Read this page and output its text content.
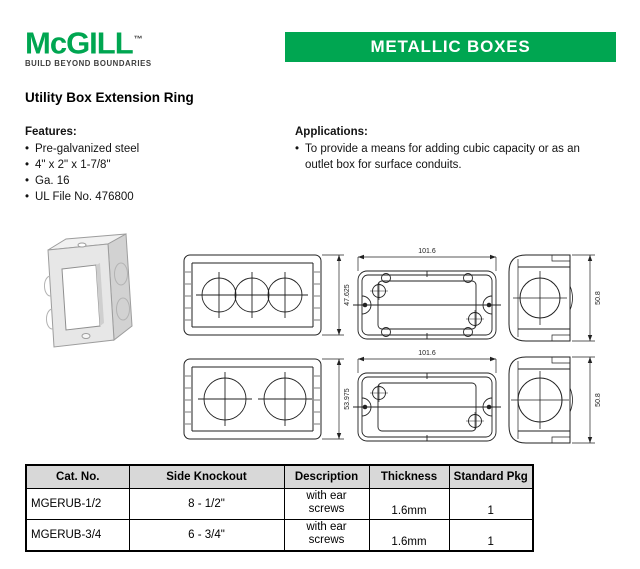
McGILL™
BUILD BEYOND BOUNDARIES
METALLIC BOXES
Utility Box Extension Ring
Features:
• Pre-galvanized steel
• 4" x 2" x 1-7/8"
• Ga. 16
• UL File No. 476800
Applications:
• To provide a means for adding cubic capacity or as an outlet box for surface conduits.
47.625
101.6
50.8
53.975
101.6
50.8
Cat. No.	Side Knockout	Description	Thickness	Standard Pkg
MGERUB-1/2	8 - 1/2"	with ear screws	1.6mm	1
MGERUB-3/4	6 - 3/4"	with ear screws	1.6mm	1
